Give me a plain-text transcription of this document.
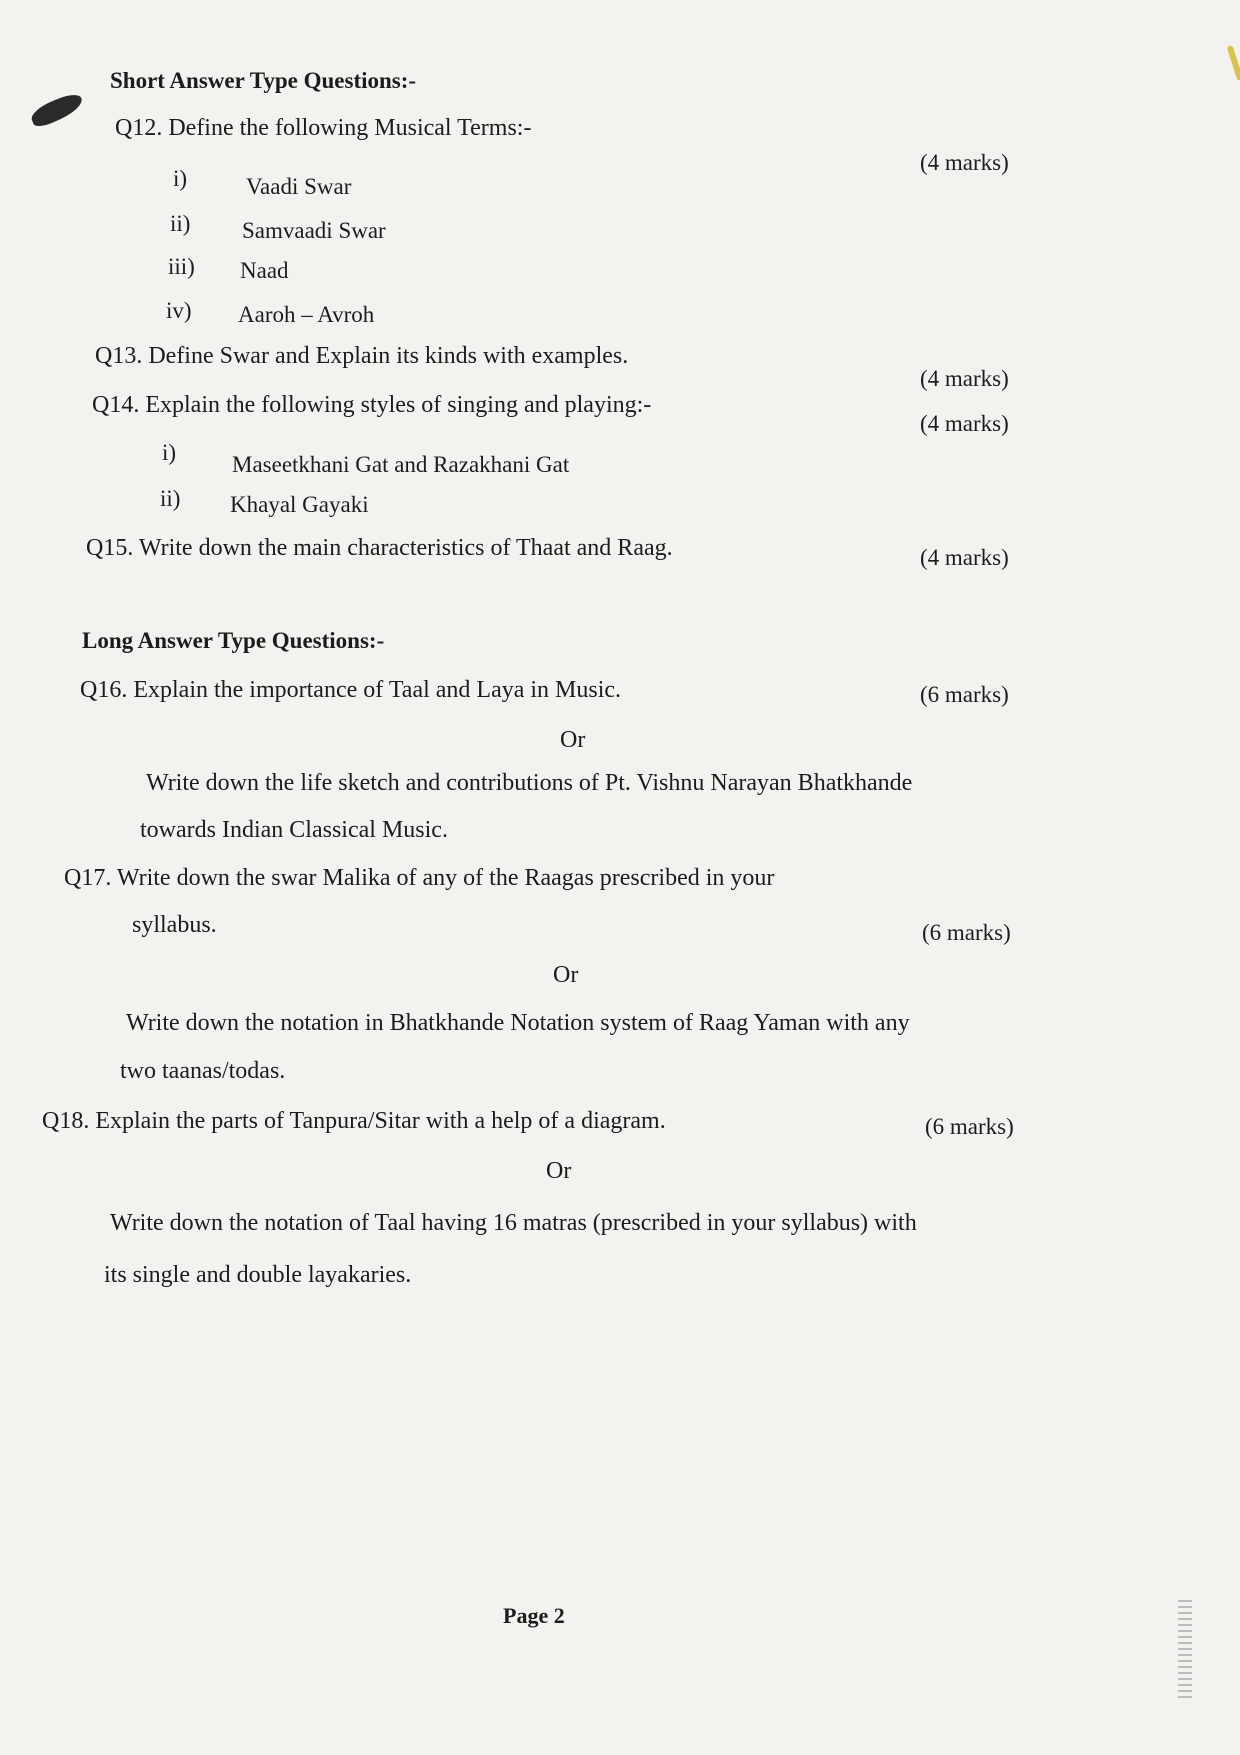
Short Answer Type Questions:-
Q12. Define the following Musical Terms:-
(4 marks)
i)	Vaadi Swar
ii) Samvaadi Swar
iii) Naad
iv) Aaroh – Avroh
Q13. Define Swar and Explain its kinds with examples.
(4 marks)
Q14. Explain the following styles of singing and playing:-
(4 marks)
i) Maseetkhani Gat and Razakhani Gat
ii) Khayal Gayaki
Q15. Write down the main characteristics of Thaat and Raag.	(4 marks)
Long Answer Type Questions:-
Q16. Explain the importance of Taal and Laya in Music.	(6 marks)
Or
Write down the life sketch and contributions of Pt. Vishnu Narayan Bhatkhande
towards Indian Classical Music.
Q17. Write down the swar Malika of any of the Raagas prescribed in your
syllabus.	(6 marks)
Or
Write down the notation in Bhatkhande Notation system of Raag Yaman with any
two taanas/todas.
Q18. Explain the parts of Tanpura/Sitar with a help of a diagram.	(6 marks)
Or
Write down the notation of Taal having 16 matras (prescribed in your syllabus) with
its single and double layakaries.
Page 2
